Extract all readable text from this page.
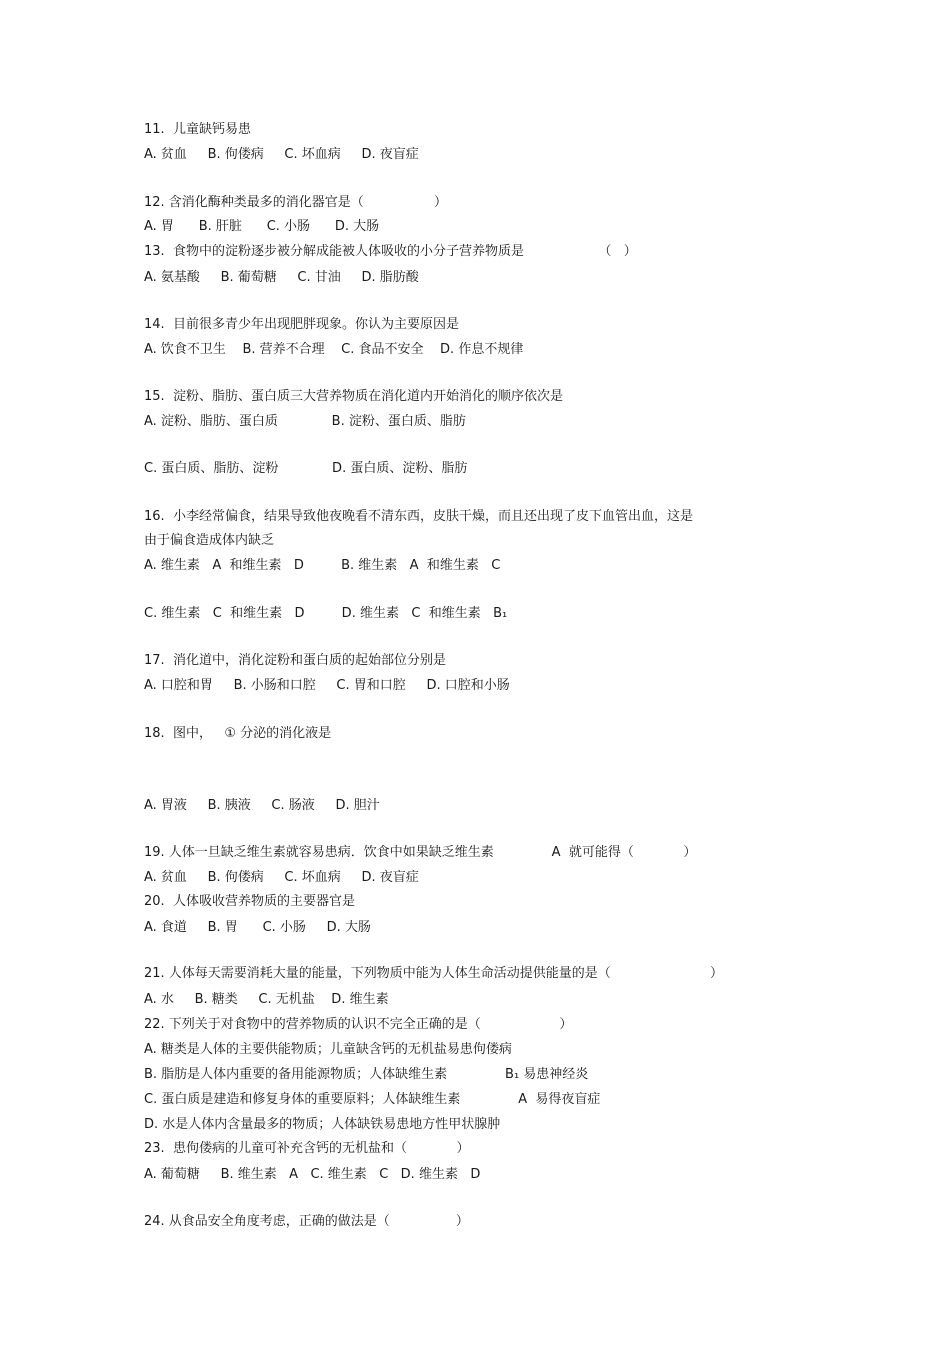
11.  儿童缺钙易患
A. 贫血     B. 佝偻病     C. 坏血病     D. 夜盲症
12. 含消化酶种类最多的消化器官是（                 ）
A. 胃      B. 肝脏      C. 小肠      D. 大肠
13.  食物中的淀粉逐步被分解成能被人体吸收的小分子营养物质是                  （   ）
A. 氨基酸     B. 葡萄糖     C. 甘油     D. 脂肪酸
14.  目前很多青少年出现肥胖现象。你认为主要原因是
A. 饮食不卫生    B. 营养不合理    C. 食品不安全    D. 作息不规律
15.  淀粉、脂肪、蛋白质三大营养物质在消化道内开始消化的顺序依次是
A. 淀粉、脂肪、蛋白质             B. 淀粉、蛋白质、脂肪
C. 蛋白质、脂肪、淀粉             D. 蛋白质、淀粉、脂肪
16.  小李经常偏食，结果导致他夜晚看不清东西，皮肤干燥，而且还出现了皮下血管出血，这是
由于偏食造成体内缺乏
A. 维生素   A  和维生素   D         B. 维生素   A  和维生素   C
C. 维生素   C  和维生素   D         D. 维生素   C  和维生素   B₁
17.  消化道中，消化淀粉和蛋白质的起始部位分别是
A. 口腔和胃     B. 小肠和口腔     C. 胃和口腔     D. 口腔和小肠
18.  图中，   ① 分泌的消化液是
A. 胃液     B. 胰液     C. 肠液     D. 胆汁
19. 人体一旦缺乏维生素就容易患病．饮食中如果缺乏维生素              A  就可能得（            ）
A. 贫血     B. 佝偻病     C. 坏血病     D. 夜盲症
20.  人体吸收营养物质的主要器官是
A. 食道     B. 胃      C. 小肠     D. 大肠
21. 人体每天需要消耗大量的能量，下列物质中能为人体生命活动提供能量的是（                        ）
A. 水     B. 糖类     C. 无机盐    D. 维生素
22. 下列关于对食物中的营养物质的认识不完全正确的是（                   ）
A. 糖类是人体的主要供能物质；儿童缺含钙的无机盐易患佝偻病
B. 脂肪是人体内重要的备用能源物质；人体缺维生素              B₁ 易患神经炎
C. 蛋白质是建造和修复身体的重要原料；人体缺维生素              A  易得夜盲症
D. 水是人体内含量最多的物质；人体缺铁易患地方性甲状腺肿
23.  患佝偻病的儿童可补充含钙的无机盐和（            ）
A. 葡萄糖     B. 维生素   A   C. 维生素   C   D. 维生素   D
24. 从食品安全角度考虑，正确的做法是（                ）
